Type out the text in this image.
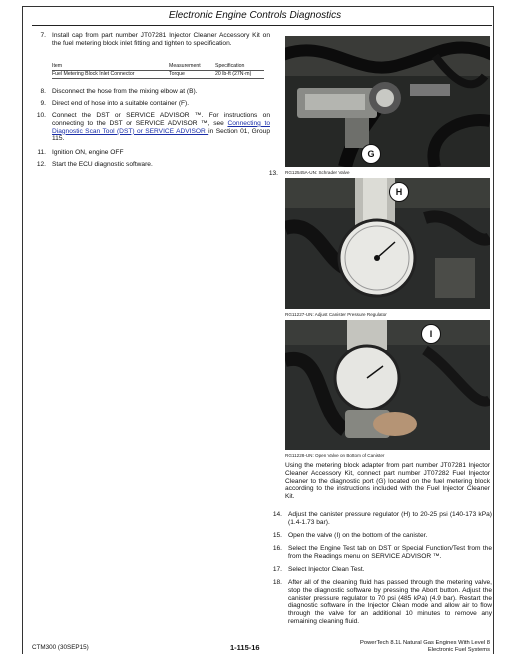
Electronic Engine Controls Diagnostics
7. Install cap from part number JT07281 Injector Cleaner Accessory Kit on the fuel metering block inlet fitting and tighten to specification.
Item	Measurement	Specification
Fuel Metering Block Inlet Connector	Torque	20 lb-ft (27N·m)
8. Disconnect the hose from the mixing elbow at (B).
9. Direct end of hose into a suitable container (F).
10. Connect the DST or SERVICE ADVISOR ™. For instructions on connecting to the DST or SERVICE ADVISOR ™, see Connecting to Diagnostic Scan Tool (DST) or SERVICE ADVISOR in Section 01, Group 115.
11. Ignition ON, engine OFF
12. Start the ECU diagnostic software.
13.
G
RG12545A-UN: Schrader Valve
H
RG11227-UN: Adjust Canister Pressure Regulator
I
RG11228-UN: Open Valve on Bottom of Canister
Using the metering block adapter from part number JT07281 Injector Cleaner Accessory Kit, connect part number JT07282 Fuel Injector Cleaner to the diagnostic port (G) located on the fuel metering block according to the instructions included with the Fuel Injector Cleaner Kit.
14. Adjust the canister pressure regulator (H) to 20-25 psi (140-173 kPa) (1.4-1.73 bar).
15. Open the valve (I) on the bottom of the canister.
16. Select the Engine Test tab on DST or Special Function/Test from the from the Readings menu on SERVICE ADVISOR ™.
17. Select Injector Clean Test.
18. After all of the cleaning fluid has passed through the metering valve, stop the diagnostic software by pressing the Abort button. Adjust the canister pressure regulator to 70 psi (485 kPa) (4.9 bar). Restart the diagnostic software in the Injector Clean mode and allow air to flow through the valve for an additional 10 minutes to remove any remaining cleaning fluid.
CTM300 (30SEP15)	1-115-16	PowerTech 8.1L Natural Gas Engines With Level 8
Electronic Fuel Systems
